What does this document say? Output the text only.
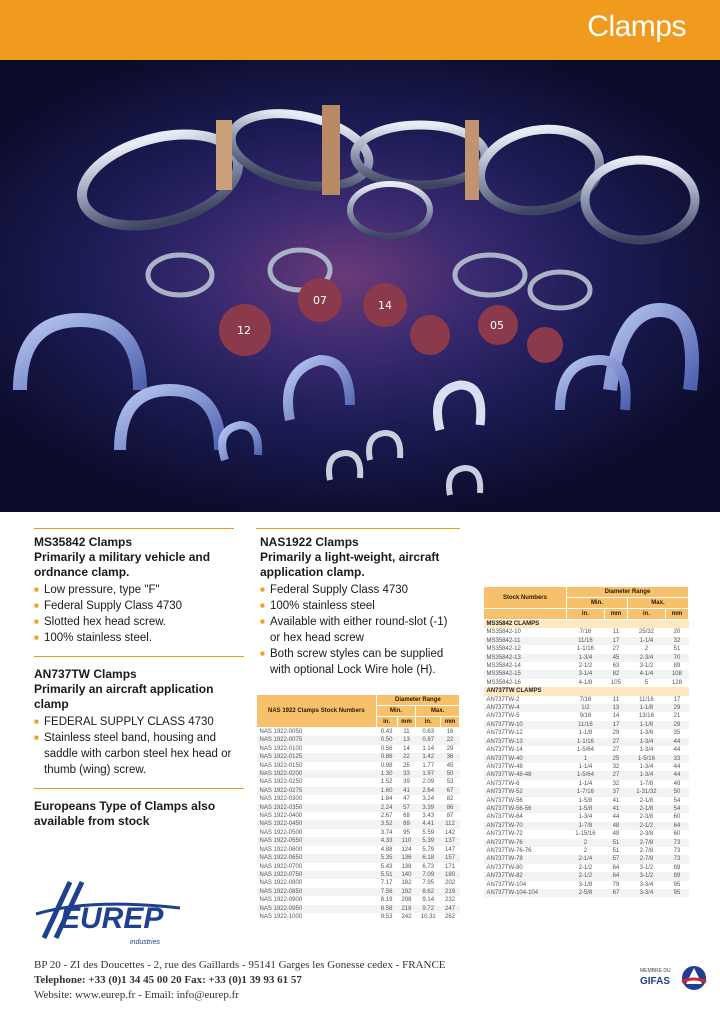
Clamps
12
14
05
07
MS35842 Clamps
Primarily a military vehicle and ordnance clamp.
■ Low pressure, type "F"
■ Federal Supply Class 4730
■ Slotted hex head screw.
■ 100% stainless steel.
AN737TW Clamps
Primarily an aircraft application clamp
■ FEDERAL SUPPLY CLASS 4730
■ Stainless steel band, housing and saddle with carbon steel hex head or thumb (wing) screw.
Europeans Type of Clamps also available from stock
NAS1922 Clamps
Primarily a light-weight, aircraft application clamp.
■ Federal Supply Class 4730
■ 100% stainless steel
■ Available with either round-slot (-1) or hex head screw
■ Both screw styles can be supplied with optional Lock Wire hole (H).
NAS 1922 Clamps Stock Numbers	Diameter Range			
	Min.		Max.	
	in.	mm	in.	mm
NAS 1922-0050	0.43	11	0.63	16
NAS 1922-0075	0.50	13	0.87	22
NAS 1922-0100	0.56	14	1.14	29
NAS 1922-0125	0.86	22	1.42	36
NAS 1922-0150	0.98	25	1.77	45
NAS 1922-0200	1.30	33	1.97	50
NAS 1922-0250	1.52	39	2.09	53
NAS 1922-0275	1.60	41	2.64	67
NAS 1922-0300	1.84	47	3.24	82
NAS 1922-0350	2.24	57	3.39	86
NAS 1922-0400	2.67	68	3.43	87
NAS 1922-0450	3.52	89	4.41	112
NAS 1922-0500	3.74	95	5.59	142
NAS 1922-0550	4.33	110	5.39	137
NAS 1922-0600	4.88	124	5.79	147
NAS 1922-0650	5.35	136	6.18	157
NAS 1922-0700	5.43	138	6.73	171
NAS 1922-0750	5.51	140	7.09	180
NAS 1922-0800	7.17	182	7.95	202
NAS 1922-0850	7.56	192	8.62	219
NAS 1922-0900	8.19	208	9.14	232
NAS 1922-0950	8.58	218	9.72	247
NAS 1922-1000	9.53	242	10.31	262
Stock Numbers	Diameter Range			
	Min.		Max.	
	in.	mm	in.	mm
MS35842 CLAMPS				
MS35842-10	7/16	11	25/32	20
MS35842-11	11/16	17	1-1/4	32
MS35842-12	1-1/16	27	2	51
MS35842-13	1-3/4	45	2-3/4	70
MS35842-14	2-1/2	63	3-1/2	89
MS35842-15	3-1/4	82	4-1/4	108
MS35842-16	4-1/8	105	5	128
AN737TW CLAMPS				
AN737TW-2	7/16	11	11/16	17
AN737TW-4	1/2	13	1-1/8	29
AN737TW-5	9/16	14	13/16	21
AN737TW-10	11/16	17	1-1/8	29
AN737TW-12	1-1/8	29	1-3/8	35
AN737TW-13	1-1/16	27	1-3/4	44
AN737TW-14	1-5/64	27	1-3/4	44
AN737TW-40	1	25	1-5/16	33
AN737TW-48	1-1/4	32	1-3/4	44
AN737TW-48-48	1-5/64	27	1-3/4	44
AN737TW-6	1-1/4	32	1-7/8	48
AN737TW-52	1-7/16	37	1-31/32	50
AN737TW-56	1-5/8	41	2-1/8	54
AN737TW-56-56	1-5/8	41	2-1/8	54
AN737TW-64	1-3/4	44	2-3/8	60
AN737TW-70	1-7/8	48	2-1/2	64
AN737TW-72	1-15/16	49	2-3/8	60
AN737TW-76	2	51	2-7/8	73
AN737TW-76-76	2	51	2-7/8	73
AN737TW-78	2-1/4	57	2-7/8	73
AN737TW-80	2-1/2	64	3-1/2	89
AN737TW-82	2-1/2	64	3-1/2	89
AN737TW-104	3-1/8	79	3-3/4	95
AN737TW-104-104	2-5/8	67	3-3/4	95
EUREP
industries
BP 20 - ZI des Doucettes - 2, rue des Gaillards - 95141 Garges les Gonesse cedex - FRANCE
Telephone: +33 (0)1 34 45 00 20 Fax: +33 (0)1 39 93 61 57
Website: www.eurep.fr - Email: info@eurep.fr
MEMBRE DU
GIFAS
